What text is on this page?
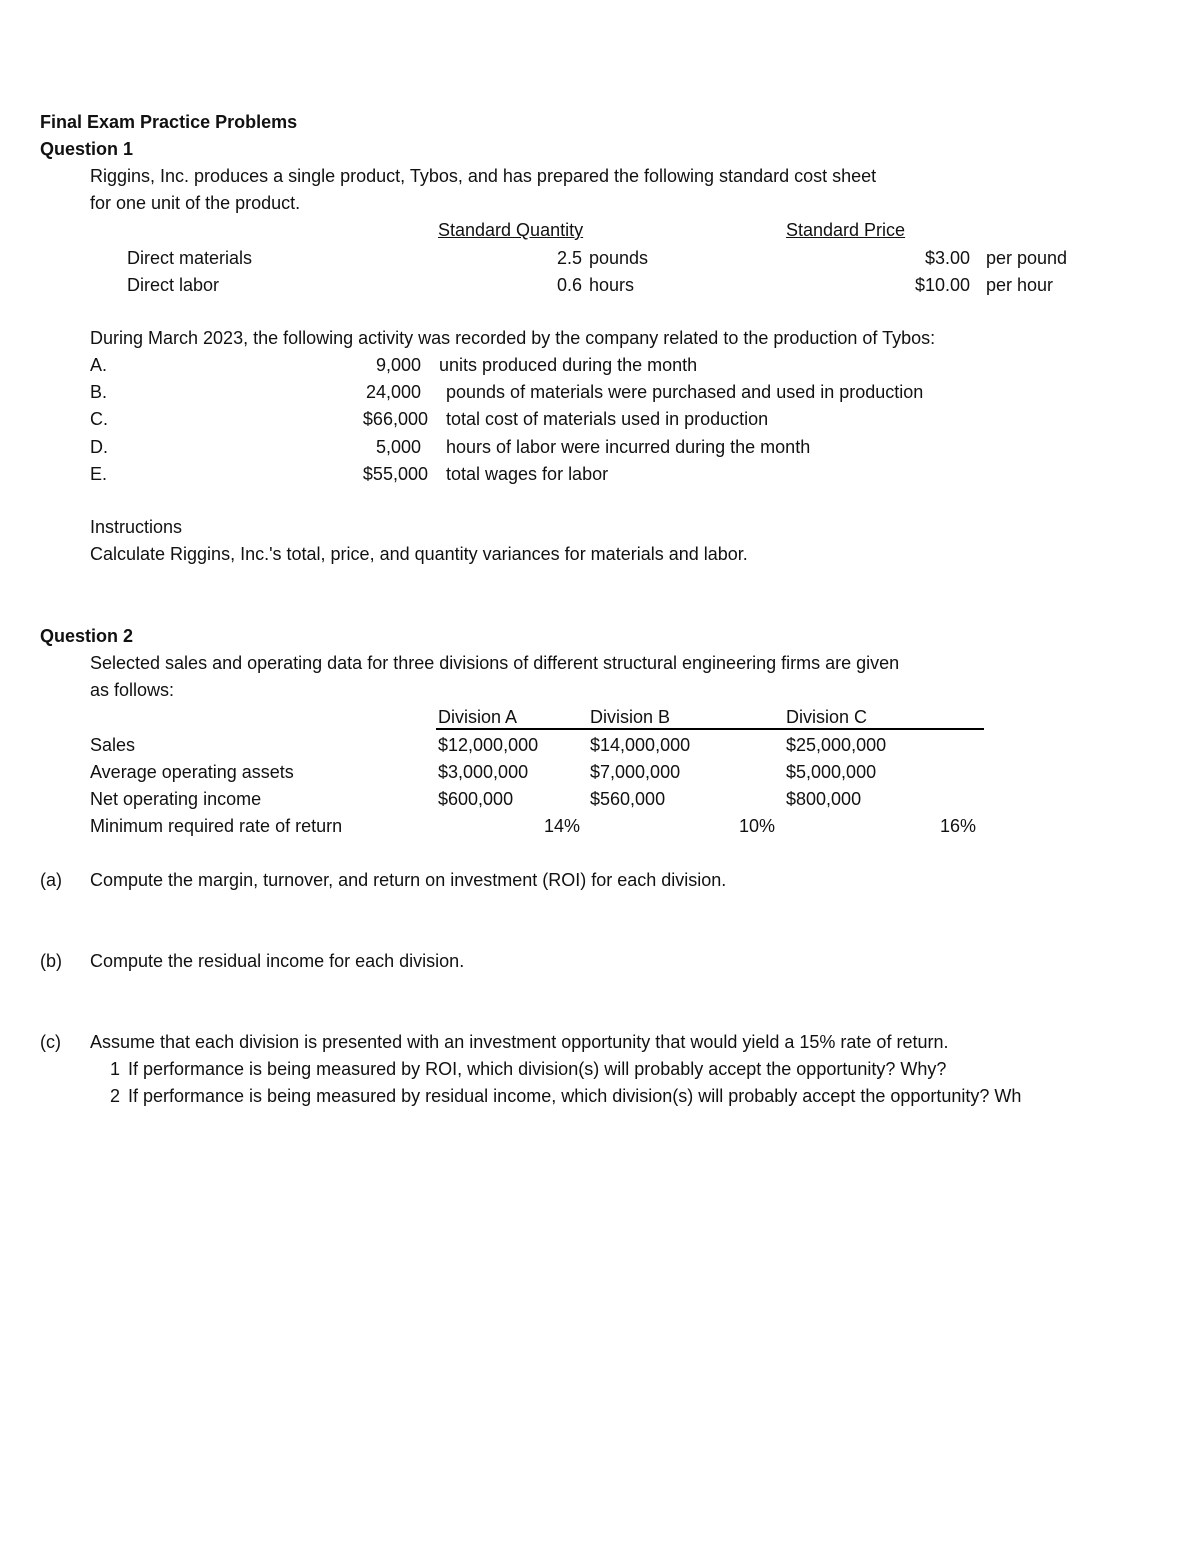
Final Exam Practice Problems
Question 1
Riggins, Inc. produces a single product, Tybos, and has prepared the following standard cost sheet
for one unit of the product.
Standard Quantity	Standard Price
Direct materials	2.5 pounds	$3.00 per pound
Direct labor	0.6 hours	$10.00 per hour
During March 2023, the following activity was recorded by the company related to the production of Tybos:
A.	9,000 units produced during the month
B.	24,000 pounds of materials were purchased and used in production
C.	$66,000 total cost of materials used in production
D.	5,000 hours of labor were incurred during the month
E.	$55,000 total wages for labor
Instructions
Calculate Riggins, Inc.'s total, price, and quantity variances for materials and labor.
Question 2
Selected sales and operating data for three divisions of different structural engineering firms are given
as follows:
Division A	Division B	Division C
Sales	$12,000,000	$14,000,000	$25,000,000
Average operating assets	$3,000,000	$7,000,000	$5,000,000
Net operating income	$600,000	$560,000	$800,000
Minimum required rate of return	14%	10%	16%
(a) Compute the margin, turnover, and return on investment (ROI) for each division.
(b) Compute the residual income for each division.
(c) Assume that each division is presented with an investment opportunity that would yield a 15% rate of return.
1 If performance is being measured by ROI, which division(s) will probably accept the opportunity? Why?
2 If performance is being measured by residual income, which division(s) will probably accept the opportunity? Wh
